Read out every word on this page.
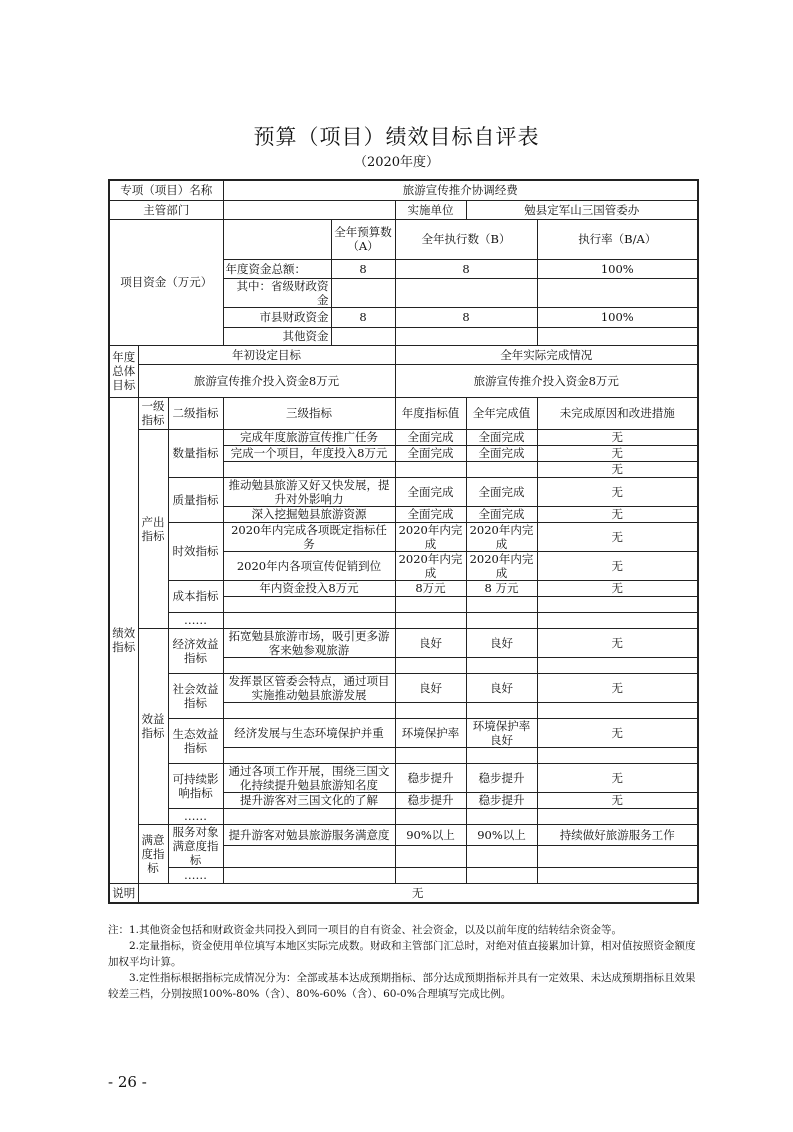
预算（项目）绩效目标自评表
（2020年度）
专项（项目）名称			旅游宣传推介协调经费				
主管部门					实施单位	勉县定军山三国管委办	
项目资金（万元）				全年预算数（A）	全年执行数（B）		执行率（B/A）
			年度资金总额：	8	8		100%
			其中：省级财政资金				
			市县财政资金	8	8		100%
			其他资金				
年度总体目标	年初设定目标				全年实际完成情况		
	旅游宣传推介投入资金8万元				旅游宣传推介投入资金8万元		
绩效指标	一级指标	二级指标	三级指标		年度指标值	全年完成值	未完成原因和改进措施
	产出指标	数量指标	完成年度旅游宣传推广任务		全面完成	全面完成	无
			完成一个项目，年度投入8万元		全面完成	全面完成	无
							无
		质量指标	推动勉县旅游又好又快发展，提升对外影响力		全面完成	全面完成	无
			深入挖掘勉县旅游资源		全面完成	全面完成	无
		时效指标	2020年内完成各项既定指标任务		2020年内完成	2020年内完成	无
			2020年内各项宣传促销到位		2020年内完成	2020年内完成	无
		成本指标	年内资金投入8万元		8万元	8 万元	无

		……					
	效益指标	经济效益指标	拓宽勉县旅游市场，吸引更多游客来勉参观旅游		良好	良好	无

		社会效益指标	发挥景区管委会特点，通过项目实施推动勉县旅游发展		良好	良好	无

		生态效益指标	经济发展与生态环境保护并重		环境保护率	环境保护率良好	无

		可持续影响指标	通过各项工作开展，围绕三国文化持续提升勉县旅游知名度		稳步提升	稳步提升	无
			提升游客对三国文化的了解		稳步提升	稳步提升	无
		……					
	满意度指标	服务对象满意度指标	提升游客对勉县旅游服务满意度		90%以上	90%以上	持续做好旅游服务工作

		……					
说明	无						

注：1.其他资金包括和财政资金共同投入到同一项目的自有资金、社会资金，以及以前年度的结转结余资金等。

2.定量指标，资金使用单位填写本地区实际完成数。财政和主管部门汇总时，对绝对值直接累加计算，相对值按照资金额度加权平均计算。

3.定性指标根据指标完成情况分为：全部或基本达成预期指标、部分达成预期指标并具有一定效果、未达成预期指标且效果较差三档，分别按照100%-80%（含）、80%-60%（含）、60-0%合理填写完成比例。

- 26 -
